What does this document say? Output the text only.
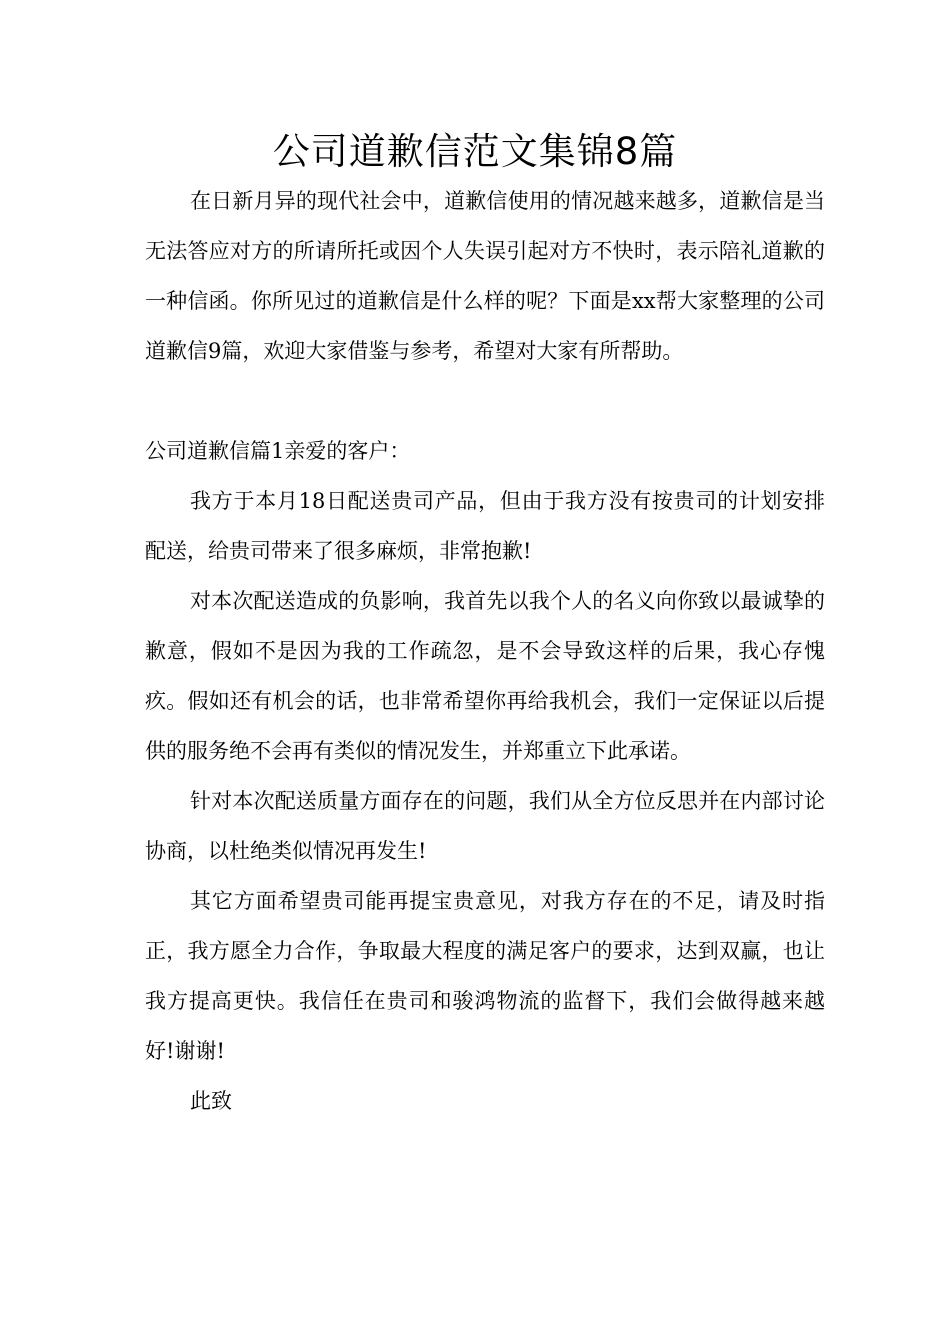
公司道歉信范文集锦8篇

在日新月异的现代社会中，道歉信使用的情况越来越多，道歉信是当无法答应对方的所请所托或因个人失误引起对方不快时，表示陪礼道歉的一种信函。你所见过的道歉信是什么样的呢？下面是xx帮大家整理的公司道歉信9篇，欢迎大家借鉴与参考，希望对大家有所帮助。

公司道歉信篇1亲爱的客户：

我方于本月18日配送贵司产品，但由于我方没有按贵司的计划安排配送，给贵司带来了很多麻烦，非常抱歉!

对本次配送造成的负影响，我首先以我个人的名义向你致以最诚挚的歉意，假如不是因为我的工作疏忽，是不会导致这样的后果，我心存愧疚。假如还有机会的话，也非常希望你再给我机会，我们一定保证以后提供的服务绝不会再有类似的情况发生，并郑重立下此承诺。

针对本次配送质量方面存在的问题，我们从全方位反思并在内部讨论协商，以杜绝类似情况再发生!

其它方面希望贵司能再提宝贵意见，对我方存在的不足，请及时指正，我方愿全力合作，争取最大程度的满足客户的要求，达到双赢，也让我方提高更快。我信任在贵司和骏鸿物流的监督下，我们会做得越来越好!谢谢!

此致
